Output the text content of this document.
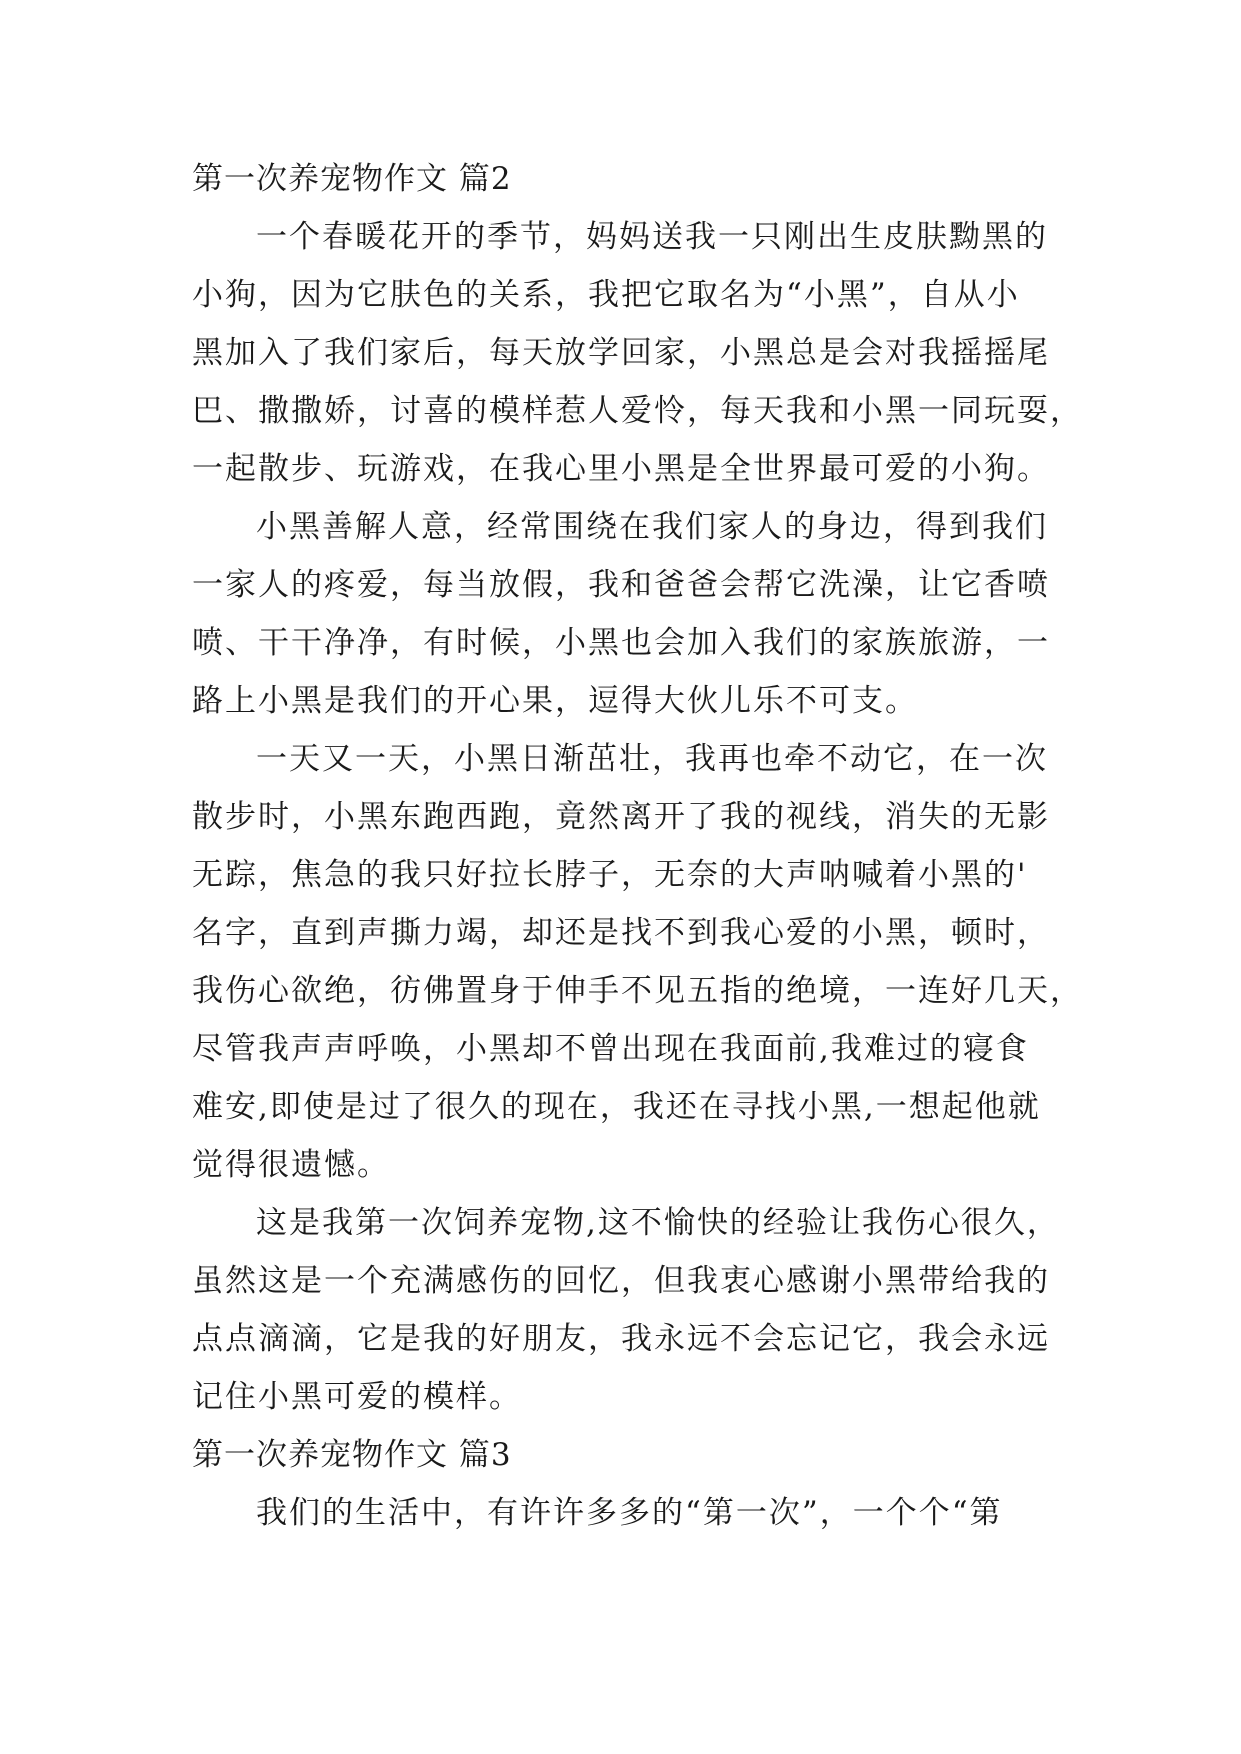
第一次养宠物作文 篇2
一个春暖花开的季节，妈妈送我一只刚出生皮肤黝黑的
小狗，因为它肤色的关系，我把它取名为“小黑”，自从小
黑加入了我们家后，每天放学回家，小黑总是会对我摇摇尾
巴、撒撒娇，讨喜的模样惹人爱怜，每天我和小黑一同玩耍，
一起散步、玩游戏，在我心里小黑是全世界最可爱的小狗。
小黑善解人意，经常围绕在我们家人的身边，得到我们
一家人的疼爱，每当放假，我和爸爸会帮它洗澡，让它香喷
喷、干干净净，有时候，小黑也会加入我们的家族旅游，一
路上小黑是我们的开心果，逗得大伙儿乐不可支。
一天又一天，小黑日渐茁壮，我再也牵不动它，在一次
散步时，小黑东跑西跑，竟然离开了我的视线，消失的无影
无踪，焦急的我只好拉长脖子，无奈的大声呐喊着小黑的'
名字，直到声撕力竭，却还是找不到我心爱的小黑，顿时，
我伤心欲绝，彷佛置身于伸手不见五指的绝境，一连好几天，
尽管我声声呼唤，小黑却不曾出现在我面前,我难过的寝食
难安,即使是过了很久的现在，我还在寻找小黑,一想起他就
觉得很遗憾。
这是我第一次饲养宠物,这不愉快的经验让我伤心很久，
虽然这是一个充满感伤的回忆，但我衷心感谢小黑带给我的
点点滴滴，它是我的好朋友，我永远不会忘记它，我会永远
记住小黑可爱的模样。
第一次养宠物作文 篇3
我们的生活中，有许许多多的“第一次”，一个个“第
